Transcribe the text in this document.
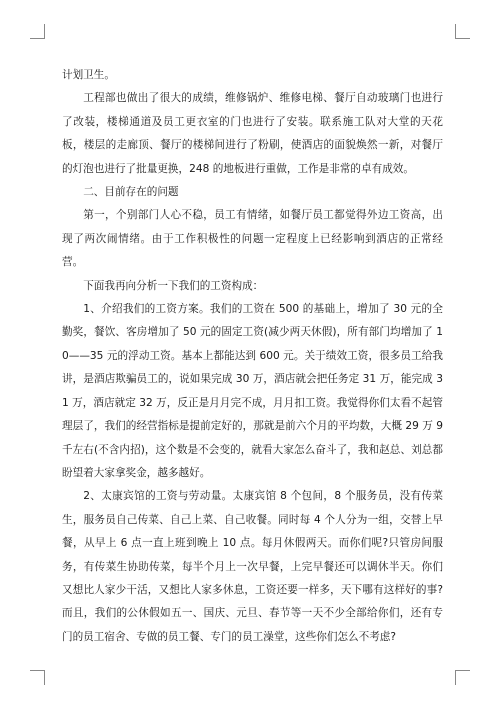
计划卫生。

工程部也做出了很大的成绩，维修锅炉、维修电梯、餐厅自动玻璃门也进行了改装，楼梯通道及员工更衣室的门也进行了安装。联系施工队对大堂的天花板，楼层的走廊顶、餐厅的楼梯间进行了粉刷，使酒店的面貌焕然一新，对餐厅的灯泡也进行了批量更换，248 的地板进行重做，工作是非常的卓有成效。

二、目前存在的问题

第一，个别部门人心不稳，员工有情绪，如餐厅员工都觉得外边工资高，出现了两次闹情绪。由于工作积极性的问题一定程度上已经影响到酒店的正常经营。

下面我再向分析一下我们的工资构成：

1、介绍我们的工资方案。我们的工资在 500 的基础上，增加了 30 元的全勤奖，餐饮、客房增加了 50 元的固定工资(减少两天休假)，所有部门均增加了 10——35 元的浮动工资。基本上都能达到 600 元。关于绩效工资，很多员工给我讲，是酒店欺骗员工的，说如果完成 30 万，酒店就会把任务定 31 万，能完成 31 万，酒店就定 32 万，反正是月月完不成，月月扣工资。我觉得你们太看不起管理层了，我们的经营指标是提前定好的，那就是前六个月的平均数，大概 29 万 9 千左右(不含内招)，这个数是不会变的，就看大家怎么奋斗了，我和赵总、刘总都盼望着大家拿奖金，越多越好。

2、太康宾馆的工资与劳动量。太康宾馆 8 个包间，8 个服务员，没有传菜生，服务员自己传菜、自己上菜、自己收餐。同时每 4 个人分为一组，交替上早餐，从早上 6 点一直上班到晚上 10 点。每月休假两天。而你们呢?只管房间服务，有传菜生协助传菜，每半个月上一次早餐，上完早餐还可以调休半天。你们又想比人家少干活，又想比人家多休息，工资还要一样多，天下哪有这样好的事?而且，我们的公休假如五一、国庆、元旦、春节等一天不少全部给你们，还有专门的员工宿舍、专做的员工餐、专门的员工澡堂，这些你们怎么不考虑?
